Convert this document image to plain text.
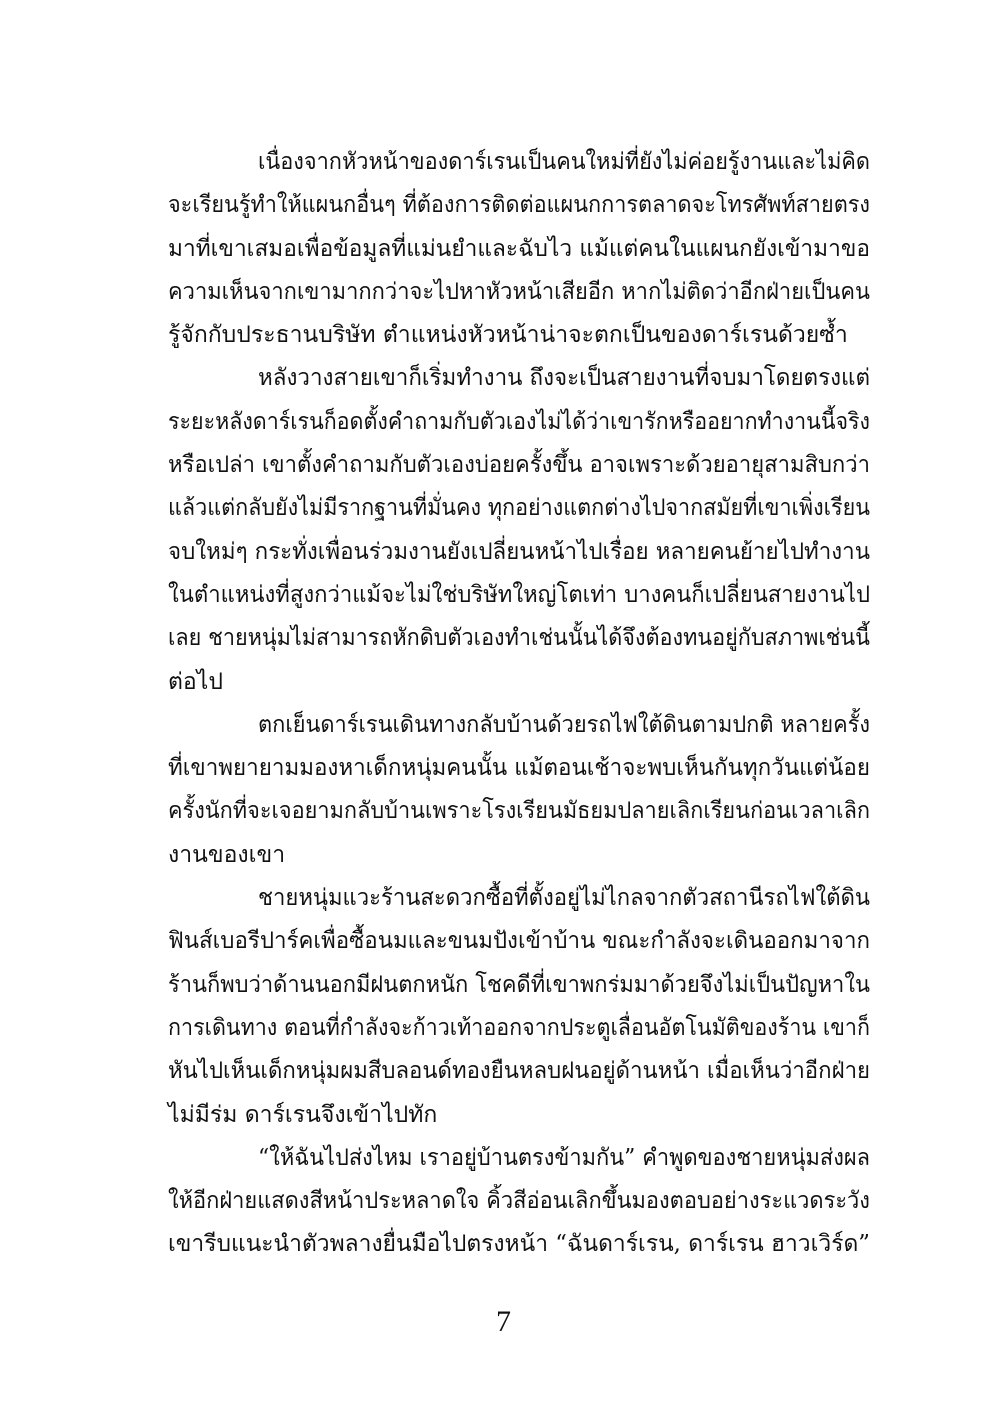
เนื่องจากหัวหน้าของดาร์เรนเป็นคนใหม่ที่ยังไม่ค่อยรู้งานและไม่คิด
จะเรียนรู้ทำให้แผนกอื่นๆ ที่ต้องการติดต่อแผนกการตลาดจะโทรศัพท์สายตรง
มาที่เขาเสมอเพื่อข้อมูลที่แม่นยำและฉับไว แม้แต่คนในแผนกยังเข้ามาขอ
ความเห็นจากเขามากกว่าจะไปหาหัวหน้าเสียอีก หากไม่ติดว่าอีกฝ่ายเป็นคน
รู้จักกับประธานบริษัท ตำแหน่งหัวหน้าน่าจะตกเป็นของดาร์เรนด้วยซ้ำ
หลังวางสายเขาก็เริ่มทำงาน ถึงจะเป็นสายงานที่จบมาโดยตรงแต่
ระยะหลังดาร์เรนก็อดตั้งคำถามกับตัวเองไม่ได้ว่าเขารักหรืออยากทำงานนี้จริง
หรือเปล่า เขาตั้งคำถามกับตัวเองบ่อยครั้งขึ้น อาจเพราะด้วยอายุสามสิบกว่า
แล้วแต่กลับยังไม่มีรากฐานที่มั่นคง ทุกอย่างแตกต่างไปจากสมัยที่เขาเพิ่งเรียน
จบใหม่ๆ กระทั่งเพื่อนร่วมงานยังเปลี่ยนหน้าไปเรื่อย หลายคนย้ายไปทำงาน
ในตำแหน่งที่สูงกว่าแม้จะไม่ใช่บริษัทใหญ่โตเท่า บางคนก็เปลี่ยนสายงานไป
เลย ชายหนุ่มไม่สามารถหักดิบตัวเองทำเช่นนั้นได้จึงต้องทนอยู่กับสภาพเช่นนี้
ต่อไป
ตกเย็นดาร์เรนเดินทางกลับบ้านด้วยรถไฟใต้ดินตามปกติ หลายครั้ง
ที่เขาพยายามมองหาเด็กหนุ่มคนนั้น แม้ตอนเช้าจะพบเห็นกันทุกวันแต่น้อย
ครั้งนักที่จะเจอยามกลับบ้านเพราะโรงเรียนมัธยมปลายเลิกเรียนก่อนเวลาเลิก
งานของเขา
ชายหนุ่มแวะร้านสะดวกซื้อที่ตั้งอยู่ไม่ไกลจากตัวสถานีรถไฟใต้ดิน
ฟินส์เบอรีปาร์คเพื่อซื้อนมและขนมปังเข้าบ้าน ขณะกำลังจะเดินออกมาจาก
ร้านก็พบว่าด้านนอกมีฝนตกหนัก โชคดีที่เขาพกร่มมาด้วยจึงไม่เป็นปัญหาใน
การเดินทาง ตอนที่กำลังจะก้าวเท้าออกจากประตูเลื่อนอัตโนมัติของร้าน เขาก็
หันไปเห็นเด็กหนุ่มผมสีบลอนด์ทองยืนหลบฝนอยู่ด้านหน้า เมื่อเห็นว่าอีกฝ่าย
ไม่มีร่ม ดาร์เรนจึงเข้าไปทัก
“ให้ฉันไปส่งไหม เราอยู่บ้านตรงข้ามกัน” คำพูดของชายหนุ่มส่งผล
ให้อีกฝ่ายแสดงสีหน้าประหลาดใจ คิ้วสีอ่อนเลิกขึ้นมองตอบอย่างระแวดระวัง
เขารีบแนะนำตัวพลางยื่นมือไปตรงหน้า “ฉันดาร์เรน, ดาร์เรน ฮาวเวิร์ด”
7
